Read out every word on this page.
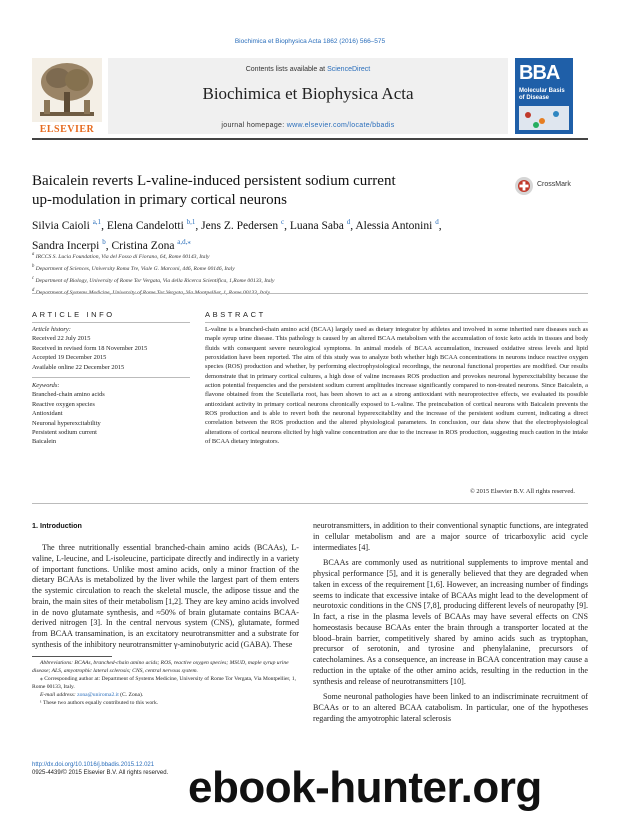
Biochimica et Biophysica Acta 1862 (2016) 566–575
Contents lists available at ScienceDirect
Biochimica et Biophysica Acta
journal homepage: www.elsevier.com/locate/bbadis
ELSEVIER
BBA
Molecular Basis of Disease
Baicalein reverts L-valine-induced persistent sodium current
up-modulation in primary cortical neurons
CrossMark
Silvia Caioli $^{a,1}$, Elena Candelotti $^{b,1}$, Jens Z. Pedersen $^c$, Luana Saba $^d$, Alessia Antonini $^d$,
Sandra Incerpi $^b$, Cristina Zona $^{a,d,⁎}$
$^a$ IRCCS S. Lucia Foundation, Via del Fosso di Fiorano, 64, Rome 00143, Italy
$^b$ Department of Sciences, University Roma Tre, Viale G. Marconi, 446, Rome 00146, Italy
$^c$ Department of Biology, University of Rome Tor Vergata, Via della Ricerca Scientifica, 1,Rome 00133, Italy
$^d$
ARTICLE INFO	ABSTRACT
Article history:
Received 22 July 2015
Received in revised form 18 November 2015
Accepted 19 December 2015
Available online 22 December 2015
Keywords:
Branched-chain amino acids
Reactive oxygen species
Antioxidant
Neuronal hyperexcitability
Persistent sodium current
Baicalein
L-valine is a branched-chain amino acid (BCAA) largely used as dietary integrator by athletes and involved in some inherited rare diseases such as maple syrup urine disease. This pathology is caused by an altered BCAA metabolism with the accumulation of toxic keto acids in tissues and body fluids with consequent severe neurological symptoms. In animal models of BCAA accumulation, increased oxidative stress levels and lipid peroxidation have been reported. The aim of this study was to analyze both whether high BCAA concentrations in neurons induce reactive oxygen species (ROS) production and whether, by performing electrophysiological recordings, the neuronal functional properties are modified. Our results demonstrate that in primary cortical cultures, a high dose of valine increases ROS production and provokes neuronal hyperexcitability because the action potential frequencies and the persistent sodium current amplitudes increase significantly compared to non-treated neurons. Since Baicalein, a flavone obtained from the Scutellaria root, has been shown to act as a strong antioxidant with neuroprotective effects, we evaluated its possible antioxidant activity in primary cortical neurons chronically exposed to L-valine. The preincubation of cortical neurons with Baicalein prevents the ROS production and is able to revert both the neuronal hyperexcitability and the increase of the persistent sodium current, indicating a direct correlation between the ROS production and the altered physiological parameters. In conclusion, our data show that the electrophysiological alterations of cortical neurons elicited by high valine concentration are due to the increase in ROS production, suggesting much caution in the intake of BCAA dietary integrators.
© 2015 Elsevier B.V. All rights reserved.
1. Introduction
The three nutritionally essential branched-chain amino acids (BCAAs), L-valine, L-leucine, and L-isoleucine, participate directly and indirectly in a variety of important functions. Unlike most amino acids, only a minor fraction of the dietary BCAAs is metabolized by the liver while the largest part of them enters the systemic circulation to reach the skeletal muscle, the adipose tissue and the brain, the main sites of their metabolism [1,2]. They are key amino acids involved in de novo glutamate synthesis, and ≈50% of brain glutamate contains BCAA-derived nitrogen [3]. In the central nervous system (CNS), glutamate, formed from BCAA transamination, is an excitatory neurotransmitter and a substrate for synthesis of the inhibitory neurotransmitter γ-aminobutyric acid (GABA). These

neurotransmitters, in addition to their conventional synaptic functions, are integrated in cellular metabolism and are a major source of tricarboxylic acid cycle intermediates [4].

BCAAs are commonly used as nutritional supplements to improve mental and physical performance [5], and it is generally believed that they are degraded when taken in excess of the requirement [1,6]. However, an increasing number of findings seems to indicate that excessive intake of BCAAs might lead to the development of neurotoxic conditions in the CNS [7,8], producing different levels of neuropathy [9]. In fact, a rise in the plasma levels of BCAAs may have several effects on CNS homeostasis because BCAAs enter the brain through a transporter located at the blood–brain barrier, competitively shared by amino acids such as tryptophan, precursor of serotonin, and tyrosine and phenylalanine, precursors of catecholamines. As a consequence, an increase in BCAA concentration may cause a reduction in the uptake of the other amino acids, resulting in the reduction in the synthesis and release of neurotransmitters [10].

Some neuronal pathologies have been linked to an indiscriminate recruitment of BCAAs or to an altered BCAA catabolism. In particular, one of the hypotheses regarding the amyotrophic lateral sclerosis

Abbreviations: BCAAs, branched-chain amino acids; ROS, reactive oxygen species; MSUD, maple syrup urine disease; ALS, amyotrophic lateral sclerosis; CNS, central nervous system.

⁎ Corresponding author at: Department of Systems Medicine, University of Rome Tor Vergata, Via Montpellier, 1, Rome 00133, Italy.

E-mail address: zona@uniroma2.it (C. Zona).

¹ These two authors equally contributed to this work.

http://dx.doi.org/10.1016/j.bbadis.2015.12.021
0925-4439/© 2015 Elsevier B.V. All rights reserved. ebook-hunter.org
